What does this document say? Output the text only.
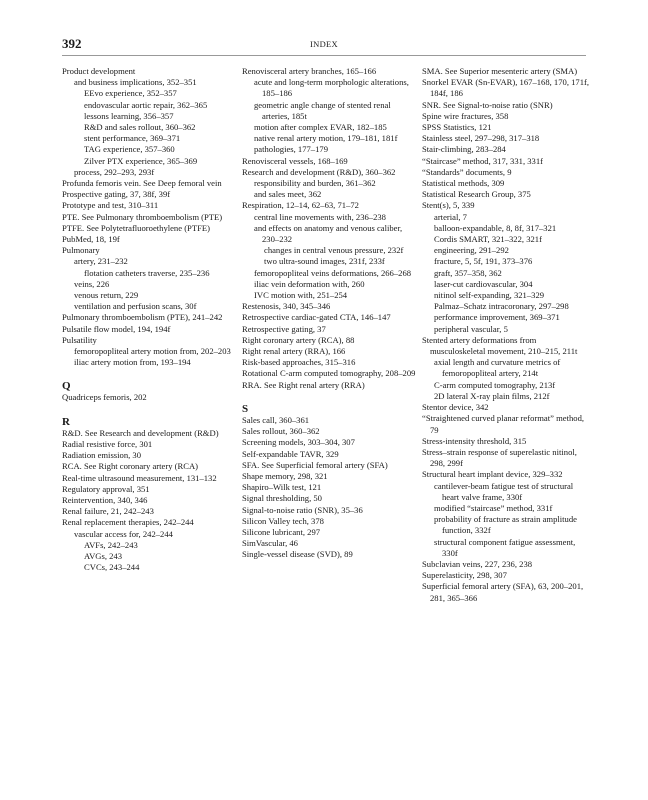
392	INDEX
Product development
and business implications, 352–351
EEvo experience, 352–357
endovascular aortic repair, 362–365
lessons learning, 356–357
R&D and sales rollout, 360–362
stent performance, 369–371
TAG experience, 357–360
Zilver PTX experience, 365–369
process, 292–293, 293f
Profunda femoris vein. See Deep femoral vein
Prospective gating, 37, 38f, 39f
Prototype and test, 310–311
PTE. See Pulmonary thromboembolism (PTE)
PTFE. See Polytetrafluoroethylene (PTFE)
PubMed, 18, 19f
Pulmonary
artery, 231–232
flotation catheters traverse, 235–236
veins, 226
venous return, 229
ventilation and perfusion scans, 30f
Pulmonary thromboembolism (PTE), 241–242
Pulsatile flow model, 194, 194f
Pulsatility
femoropopliteal artery motion from, 202–203
iliac artery motion from, 193–194
Q
Quadriceps femoris, 202
R
R&D. See Research and development (R&D)
Radial resistive force, 301
Radiation emission, 30
RCA. See Right coronary artery (RCA)
Real-time ultrasound measurement, 131–132
Regulatory approval, 351
Reintervention, 340, 346
Renal failure, 21, 242–243
Renal replacement therapies, 242–244
vascular access for, 242–244
AVFs, 242–243
AVGs, 243
CVCs, 243–244
Renovisceral artery branches, 165–166
acute and long-term morphologic alterations, 185–186
geometric angle change of stented renal arteries, 185t
motion after complex EVAR, 182–185
native renal artery motion, 179–181, 181f
pathologies, 177–179
Renovisceral vessels, 168–169
Research and development (R&D), 360–362
responsibility and burden, 361–362
and sales meet, 362
Respiration, 12–14, 62–63, 71–72
central line movements with, 236–238
and effects on anatomy and venous caliber, 230–232
changes in central venous pressure, 232f
two ultra-sound images, 231f, 233f
femoropopliteal veins deformations, 266–268
iliac vein deformation with, 260
IVC motion with, 251–254
Restenosis, 340, 345–346
Retrospective cardiac-gated CTA, 146–147
Retrospective gating, 37
Right coronary artery (RCA), 88
Right renal artery (RRA), 166
Risk-based approaches, 315–316
Rotational C-arm computed tomography, 208–209
RRA. See Right renal artery (RRA)
S
Sales call, 360–361
Sales rollout, 360–362
Screening models, 303–304, 307
Self-expandable TAVR, 329
SFA. See Superficial femoral artery (SFA)
Shape memory, 298, 321
Shapiro–Wilk test, 121
Signal thresholding, 50
Signal-to-noise ratio (SNR), 35–36
Silicon Valley tech, 378
Silicone lubricant, 297
SimVascular, 46
Single-vessel disease (SVD), 89
SMA. See Superior mesenteric artery (SMA)
Snorkel EVAR (Sn-EVAR), 167–168, 170, 171f, 184f, 186
SNR. See Signal-to-noise ratio (SNR)
Spine wire fractures, 358
SPSS Statistics, 121
Stainless steel, 297–298, 317–318
Stair-climbing, 283–284
“Staircase” method, 317, 331, 331f
“Standards” documents, 9
Statistical methods, 309
Statistical Research Group, 375
Stent(s), 5, 339
arterial, 7
balloon-expandable, 8, 8f, 317–321
Cordis SMART, 321–322, 321f
engineering, 291–292
fracture, 5, 5f, 191, 373–376
graft, 357–358, 362
laser-cut cardiovascular, 304
nitinol self-expanding, 321–329
Palmaz–Schatz intracoronary, 297–298
performance improvement, 369–371
peripheral vascular, 5
Stented artery deformations from musculoskeletal movement, 210–215, 211t
axial length and curvature metrics of femoropopliteal artery, 214t
C-arm computed tomography, 213f
2D lateral X-ray plain films, 212f
Stentor device, 342
“Straightened curved planar reformat” method, 79
Stress-intensity threshold, 315
Stress–strain response of superelastic nitinol, 298, 299f
Structural heart implant device, 329–332
cantilever-beam fatigue test of structural heart valve frame, 330f
modified “staircase” method, 331f
probability of fracture as strain amplitude function, 332f
structural component fatigue assessment, 330f
Subclavian veins, 227, 236, 238
Superelasticity, 298, 307
Superficial femoral artery (SFA), 63, 200–201, 281, 365–366
